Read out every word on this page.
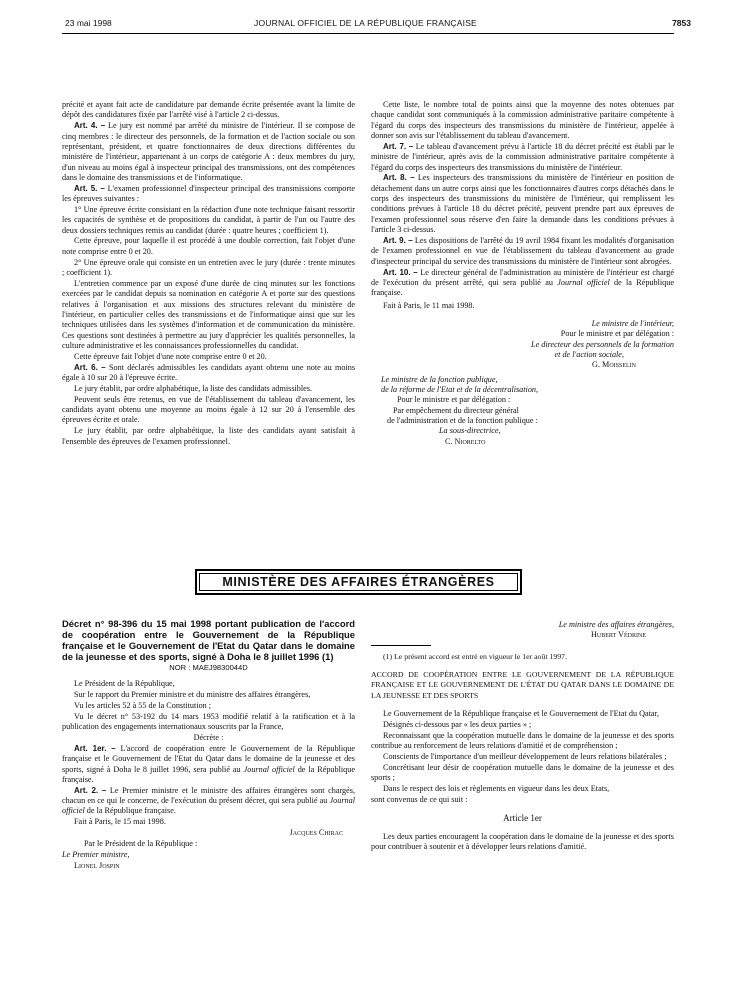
23 mai 1998	JOURNAL OFFICIEL DE LA RÉPUBLIQUE FRANÇAISE	7853

précité et ayant fait acte de candidature par demande écrite présentée avant la limite de dépôt des candidatures fixée par l'arrêté visé à l'article 2 ci-dessus.

Art. 4. – Le jury est nommé par arrêté du ministre de l'intérieur. Il se compose de cinq membres : le directeur des personnels, de la formation et de l'action sociale ou son représentant, président, et quatre fonctionnaires de deux directions différentes du ministère de l'intérieur, appartenant à un corps de catégorie A : deux membres du jury, d'un niveau au moins égal à inspecteur principal des transmissions, ont des compétences dans le domaine des transmissions et de l'informatique.

Art. 5. – L'examen professionnel d'inspecteur principal des transmissions comporte les épreuves suivantes :

1° Une épreuve écrite consistant en la rédaction d'une note technique faisant ressortir les capacités de synthèse et de propositions du candidat, à partir de l'un ou l'autre des deux dossiers techniques remis au candidat (durée : quatre heures ; coefficient 1).

Cette épreuve, pour laquelle il est procédé à une double correction, fait l'objet d'une note comprise entre 0 et 20.

2° Une épreuve orale qui consiste en un entretien avec le jury (durée : trente minutes ; coefficient 1).

L'entretien commence par un exposé d'une durée de cinq minutes sur les fonctions exercées par le candidat depuis sa nomination en catégorie A et porte sur des questions relatives à l'organisation et aux missions des structures relevant du ministère de l'intérieur, en particulier celles des transmissions et de l'informatique ainsi que sur les techniques utilisées dans les systèmes d'information et de communication du ministère. Ces questions sont destinées à permettre au jury d'apprécier les qualités personnelles, la culture administrative et les connaissances professionnelles du candidat.

Cette épreuve fait l'objet d'une note comprise entre 0 et 20.

Art. 6. – Sont déclarés admissibles les candidats ayant obtenu une note au moins égale à 10 sur 20 à l'épreuve écrite.

Le jury établit, par ordre alphabétique, la liste des candidats admissibles.

Peuvent seuls être retenus, en vue de l'établissement du tableau d'avancement, les candidats ayant obtenu une moyenne au moins égale à 12 sur 20 à l'ensemble des épreuves écrite et orale.

Le jury établit, par ordre alphabétique, la liste des candidats ayant satisfait à l'ensemble des épreuves de l'examen professionnel.

Cette liste, le nombre total de points ainsi que la moyenne des notes obtenues par chaque candidat sont communiqués à la commission administrative paritaire compétente à l'égard du corps des inspecteurs des transmissions du ministère de l'intérieur, appelée à donner son avis sur l'établissement du tableau d'avancement.

Art. 7. – Le tableau d'avancement prévu à l'article 18 du décret précité est établi par le ministre de l'intérieur, après avis de la commission administrative paritaire compétente à l'égard du corps des inspecteurs des transmissions du ministère de l'intérieur.

Art. 8. – Les inspecteurs des transmissions du ministère de l'intérieur en position de détachement dans un autre corps ainsi que les fonctionnaires d'autres corps détachés dans le corps des inspecteurs des transmissions du ministère de l'intérieur, qui remplissent les conditions prévues à l'article 18 du décret précité, peuvent prendre part aux épreuves de l'examen professionnel sous réserve d'en faire la demande dans les conditions prévues à l'article 3 ci-dessus.

Art. 9. – Les dispositions de l'arrêté du 19 avril 1984 fixant les modalités d'organisation de l'examen professionnel en vue de l'établissement du tableau d'avancement au grade d'inspecteur principal du service des transmissions du ministère de l'intérieur sont abrogées.

Art. 10. – Le directeur général de l'administration au ministère de l'intérieur est chargé de l'exécution du présent arrêté, qui sera publié au Journal officiel de la République française.

Fait à Paris, le 11 mai 1998.

Le ministre de l'intérieur,
Pour le ministre et par délégation :
Le directeur des personnels de la formation
et de l'action sociale,
G. Moisselin
Le ministre de la fonction publique,
de la réforme de l'Etat et de la décentralisation,
Pour le ministre et par délégation :
Par empêchement du directeur général
de l'administration et de la fonction publique :
La sous-directrice,
C. Niorelto
MINISTÈRE DES AFFAIRES ÉTRANGÈRES
Décret n° 98-396 du 15 mai 1998 portant publication de l'accord de coopération entre le Gouvernement de la République française et le Gouvernement de l'Etat du Qatar dans le domaine de la jeunesse et des sports, signé à Doha le 8 juillet 1996 (1)
NOR : MAEJ9830044D

Le Président de la République,

Sur le rapport du Premier ministre et du ministre des affaires étrangères,

Vu les articles 52 à 55 de la Constitution ;

Vu le décret n° 53-192 du 14 mars 1953 modifié relatif à la ratification et à la publication des engagements internationaux souscrits par la France,

Décrète :

Art. 1er. – L'accord de coopération entre le Gouvernement de la République française et le Gouvernement de l'Etat du Qatar dans le domaine de la jeunesse et des sports, signé à Doha le 8 juillet 1996, sera publié au Journal officiel de la République française.

Art. 2. – Le Premier ministre et le ministre des affaires étrangères sont chargés, chacun en ce qui le concerne, de l'exécution du présent décret, qui sera publié au Journal officiel de la République française.

Fait à Paris, le 15 mai 1998.

Jacques Chirac

Par le Président de la République :

Le Premier ministre,

Lionel Jospin

Le ministre des affaires étrangères,
Hubert Védrine

(1) Le présent accord est entré en vigueur le 1er août 1997.

ACCORD DE COOPÉRATION ENTRE LE GOUVERNEMENT DE LA RÉPUBLIQUE FRANÇAISE ET LE GOUVERNEMENT DE L'ÉTAT DU QATAR DANS LE DOMAINE DE LA JEUNESSE ET DES SPORTS

Le Gouvernement de la République française et le Gouvernement de l'Etat du Qatar,

Désignés ci-dessous par « les deux parties » ;

Reconnaissant que la coopération mutuelle dans le domaine de la jeunesse et des sports contribue au renforcement de leurs relations d'amitié et de compréhension ;

Conscients de l'importance d'un meilleur développement de leurs relations bilatérales ;

Concrétisant leur désir de coopération mutuelle dans le domaine de la jeunesse et des sports ;

Dans le respect des lois et règlements en vigueur dans les deux Etats,

sont convenus de ce qui suit :

Article 1er

Les deux parties encouragent la coopération dans le domaine de la jeunesse et des sports pour contribuer à soutenir et à développer leurs relations d'amitié.
